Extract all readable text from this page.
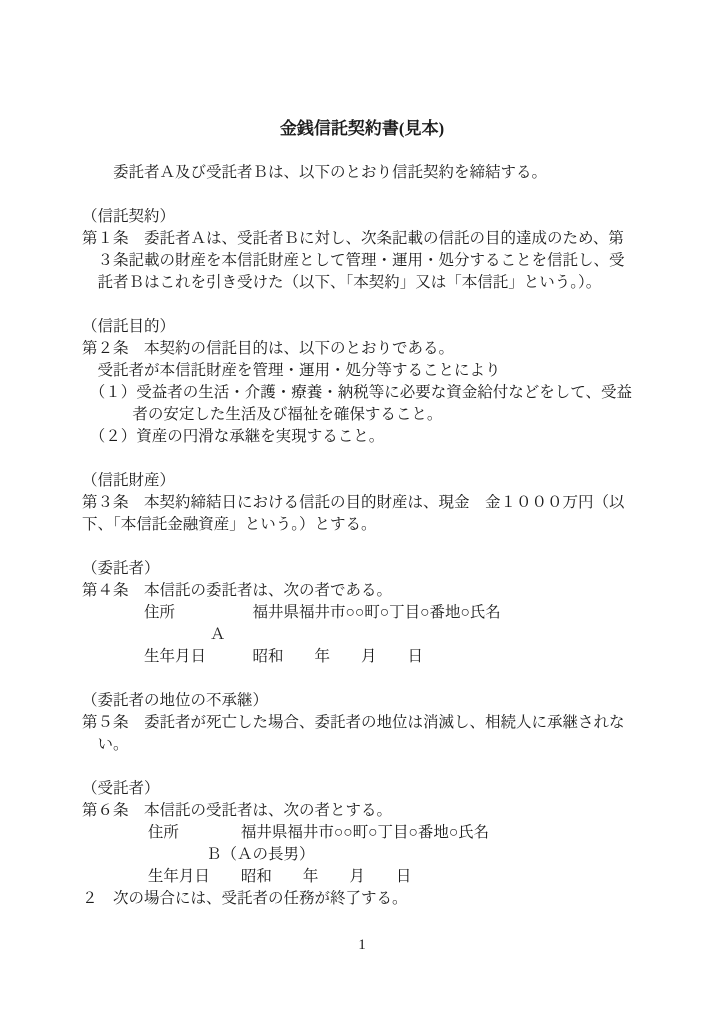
金銭信託契約書(見本)

　　委託者Ａ及び受託者Ｂは、以下のとおり信託契約を締結する。

（信託契約）
第１条　委託者Ａは、受託者Ｂに対し、次条記載の信託の目的達成のため、第
　３条記載の財産を本信託財産として管理・運用・処分することを信託し、受
　託者Ｂはこれを引き受けた（以下、「本契約」又は「本信託」という。）。

（信託目的）
第２条　本契約の信託目的は、以下のとおりである。
　受託者が本信託財産を管理・運用・処分等することにより
　（１）受益者の生活・介護・療養・納税等に必要な資金給付などをして、受益
　　　 者の安定した生活及び福祉を確保すること。
　（２）資産の円滑な承継を実現すること。

（信託財産）
第３条　本契約締結日における信託の目的財産は、現金　金１０００万円（以
下、「本信託金融資産」という。）とする。

（委託者）
第４条　本信託の委託者は、次の者である。
　　　　住所　　　　　福井県福井市○○町○丁目○番地○氏名
　　　　　　　　 Ａ
　　　　生年月日　　　昭和　　年　　月　　日

（委託者の地位の不承継）
第５条　委託者が死亡した場合、委託者の地位は消滅し、相続人に承継されな
　い。

（受託者）
第６条　本信託の受託者は、次の者とする。
　　　　 住所　　　　福井県福井市○○町○丁目○番地○氏名
　　　　　　　　Ｂ（Ａの長男）
　　　　 生年月日　　昭和　　年　　月　　日
２　次の場合には、受託者の任務が終了する。
1
